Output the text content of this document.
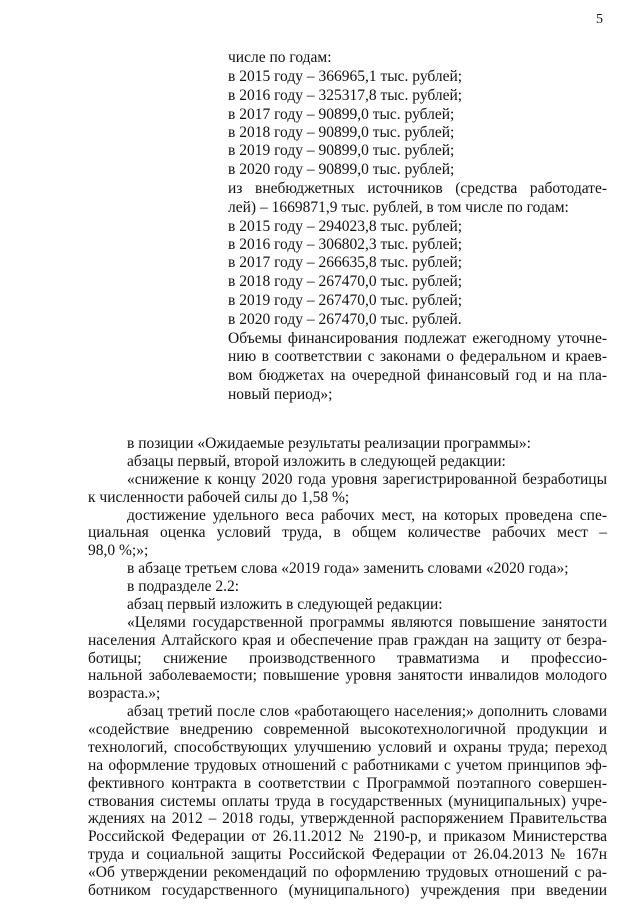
5
числе по годам:
в 2015 году – 366965,1 тыс. рублей;
в 2016 году – 325317,8 тыс. рублей;
в 2017 году – 90899,0 тыс. рублей;
в 2018 году – 90899,0 тыс. рублей;
в 2019 году – 90899,0 тыс. рублей;
в 2020 году – 90899,0 тыс. рублей;
из внебюджетных источников (средства работодате-
лей) – 1669871,9 тыс. рублей, в том числе по годам:
в 2015 году – 294023,8 тыс. рублей;
в 2016 году – 306802,3 тыс. рублей;
в 2017 году – 266635,8 тыс. рублей;
в 2018 году – 267470,0 тыс. рублей;
в 2019 году – 267470,0 тыс. рублей;
в 2020 году – 267470,0 тыс. рублей.
Объемы финансирования подлежат ежегодному уточне-
нию в соответствии с законами о федеральном и краев-
вом бюджетах на очередной финансовый год и на пла-
новый период»;
в позиции «Ожидаемые результаты реализации программы»:
абзацы первый, второй изложить в следующей редакции:
«снижение к концу 2020 года уровня зарегистрированной безработицы
к численности рабочей силы до 1,58 %;
достижение удельного веса рабочих мест, на которых проведена спе-
циальная оценка условий труда, в общем количестве рабочих мест –
98,0 %;»;
в абзаце третьем слова «2019 года» заменить словами «2020 года»;
в подразделе 2.2:
абзац первый изложить в следующей редакции:
«Целями государственной программы являются повышение занятости
населения Алтайского края и обеспечение прав граждан на защиту от безра-
ботицы; снижение производственного травматизма и профессио-
нальной заболеваемости; повышение уровня занятости инвалидов молодого
возраста.»;
абзац третий после слов «работающего населения;» дополнить словами
«содействие внедрению современной высокотехнологичной продукции и
технологий, способствующих улучшению условий и охраны труда; переход
на оформление трудовых отношений с работниками с учетом принципов эф-
фективного контракта в соответствии с Программой поэтапного совершен-
ствования системы оплаты труда в государственных (муниципальных) учре-
ждениях на 2012 – 2018 годы, утвержденной распоряжением Правительства
Российской Федерации от 26.11.2012 № 2190-р, и приказом Министерства
труда и социальной защиты Российской Федерации от 26.04.2013 № 167н
«Об утверждении рекомендаций по оформлению трудовых отношений с ра-
ботником государственного (муниципального) учреждения при введении
